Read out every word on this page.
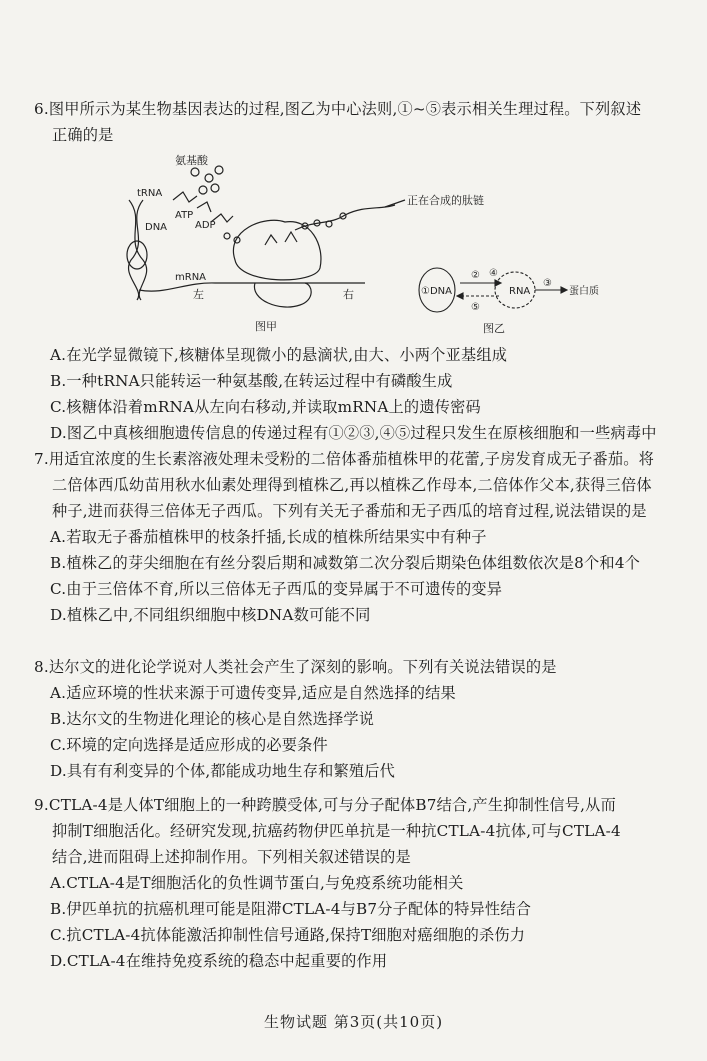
6.图甲所示为某生物基因表达的过程,图乙为中心法则,①~⑤表示相关生理过程。下列叙述
正确的是
氨基酸
tRNA
ATP
ADP
DNA
mRNA
左	右
正在合成的肽链
图甲
①DNA	RNA	蛋白质
②
⑤
④
③
图乙
A.在光学显微镜下,核糖体呈现微小的悬滴状,由大、小两个亚基组成
B.一种tRNA只能转运一种氨基酸,在转运过程中有磷酸生成
C.核糖体沿着mRNA从左向右移动,并读取mRNA上的遗传密码
D.图乙中真核细胞遗传信息的传递过程有①②③,④⑤过程只发生在原核细胞和一些病毒中
7.用适宜浓度的生长素溶液处理未受粉的二倍体番茄植株甲的花蕾,子房发育成无子番茄。将
二倍体西瓜幼苗用秋水仙素处理得到植株乙,再以植株乙作母本,二倍体作父本,获得三倍体
种子,进而获得三倍体无子西瓜。下列有关无子番茄和无子西瓜的培育过程,说法错误的是
A.若取无子番茄植株甲的枝条扦插,长成的植株所结果实中有种子
B.植株乙的芽尖细胞在有丝分裂后期和减数第二次分裂后期染色体组数依次是8个和4个
C.由于三倍体不育,所以三倍体无子西瓜的变异属于不可遗传的变异
D.植株乙中,不同组织细胞中核DNA数可能不同
8.达尔文的进化论学说对人类社会产生了深刻的影响。下列有关说法错误的是
A.适应环境的性状来源于可遗传变异,适应是自然选择的结果
B.达尔文的生物进化理论的核心是自然选择学说
C.环境的定向选择是适应形成的必要条件
D.具有有利变异的个体,都能成功地生存和繁殖后代
9.CTLA-4是人体T细胞上的一种跨膜受体,可与分子配体B7结合,产生抑制性信号,从而
抑制T细胞活化。经研究发现,抗癌药物伊匹单抗是一种抗CTLA-4抗体,可与CTLA-4
结合,进而阻碍上述抑制作用。下列相关叙述错误的是
A.CTLA-4是T细胞活化的负性调节蛋白,与免疫系统功能相关
B.伊匹单抗的抗癌机理可能是阻滞CTLA-4与B7分子配体的特异性结合
C.抗CTLA-4抗体能激活抑制性信号通路,保持T细胞对癌细胞的杀伤力
D.CTLA-4在维持免疫系统的稳态中起重要的作用
生物试题 第3页(共10页)
